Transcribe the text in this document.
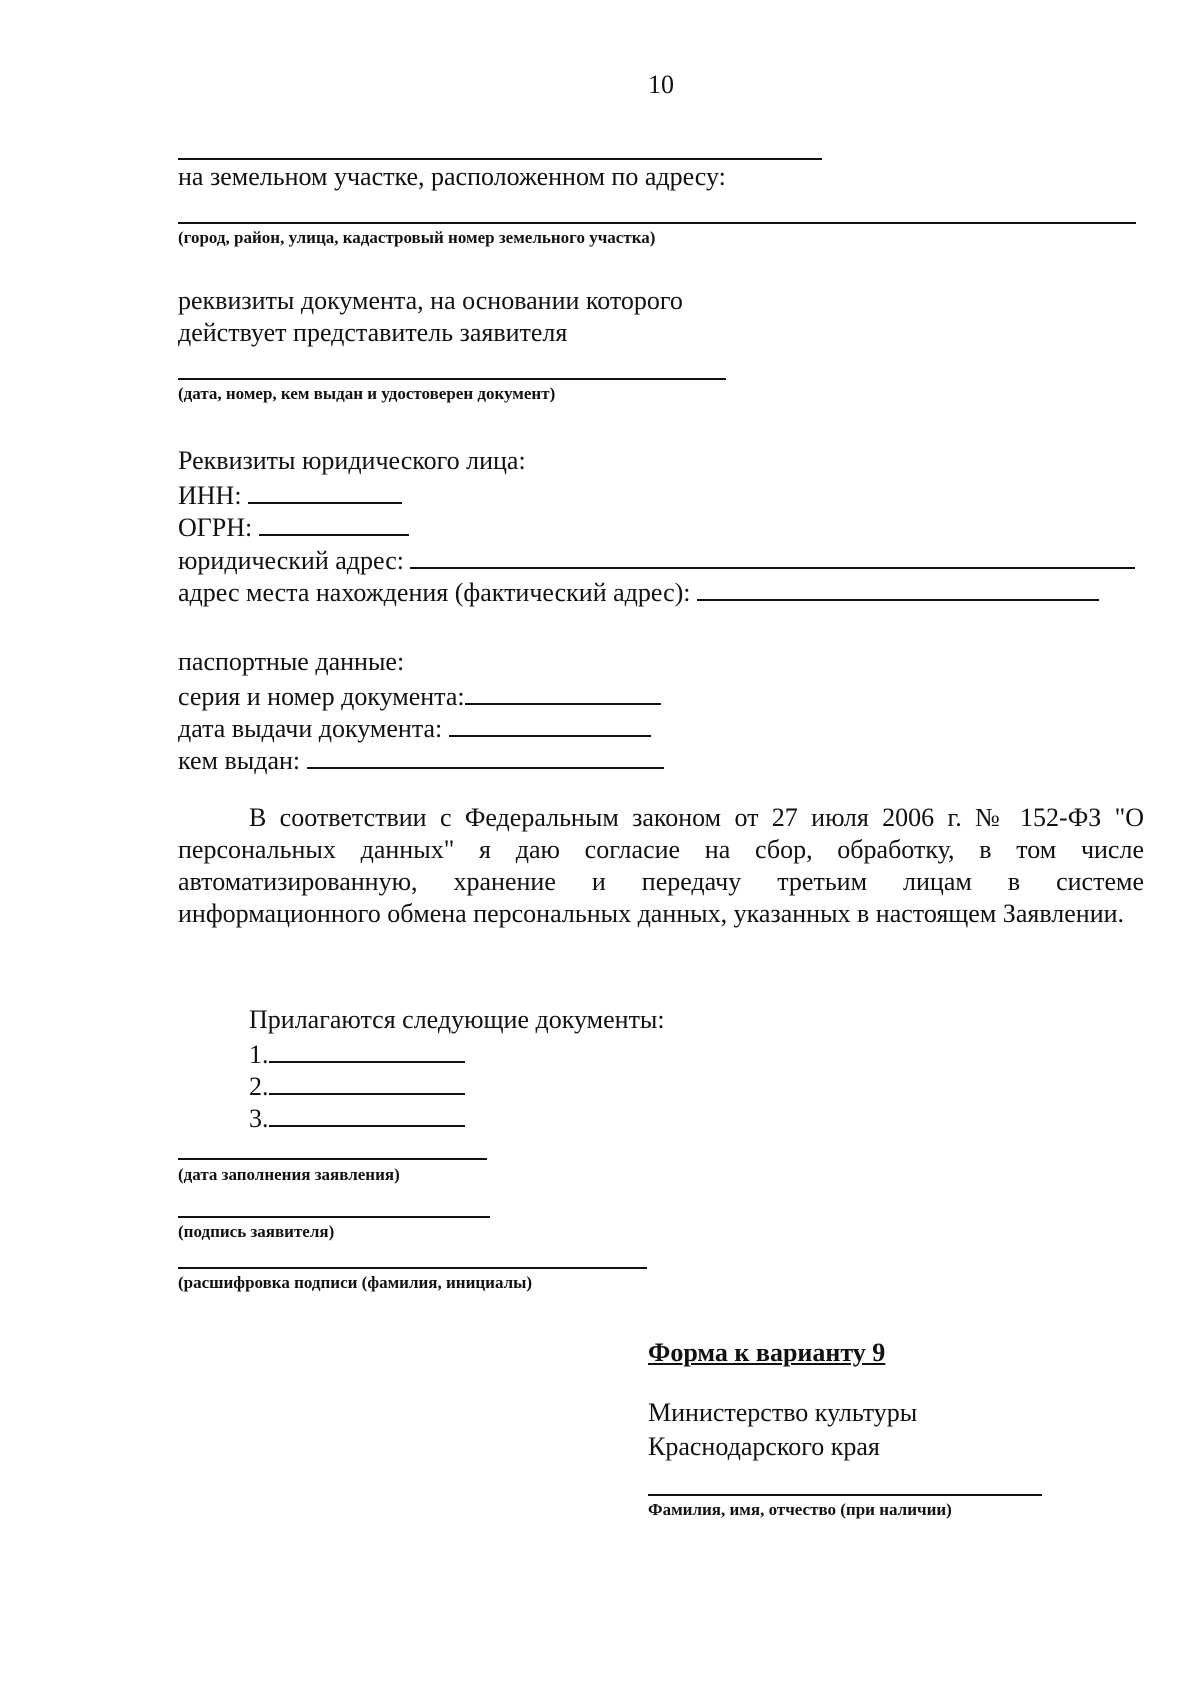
10
на земельном участке, расположенном по адресу:
(город, район, улица, кадастровый номер земельного участка)
реквизиты документа, на основании которого
действует представитель заявителя
(дата, номер, кем выдан и удостоверен документ)
Реквизиты юридического лица:
ИНН:
ОГРН:
юридический адрес:
адрес места нахождения (фактический адрес):
паспортные данные:
серия и номер документа:
дата выдачи документа:
кем выдан:
В соответствии с Федеральным законом от 27 июля 2006 г. № 152-ФЗ "О персональных данных" я даю согласие на сбор, обработку, в том числе автоматизированную, хранение и передачу третьим лицам в системе информационного обмена персональных данных, указанных в настоящем Заявлении.
Прилагаются следующие документы:
1.
2.
3.
(дата заполнения заявления)
(подпись заявителя)
(расшифровка подписи (фамилия, инициалы)
Форма к варианту 9
Министерство культуры
Краснодарского края
Фамилия, имя, отчество (при наличии)
